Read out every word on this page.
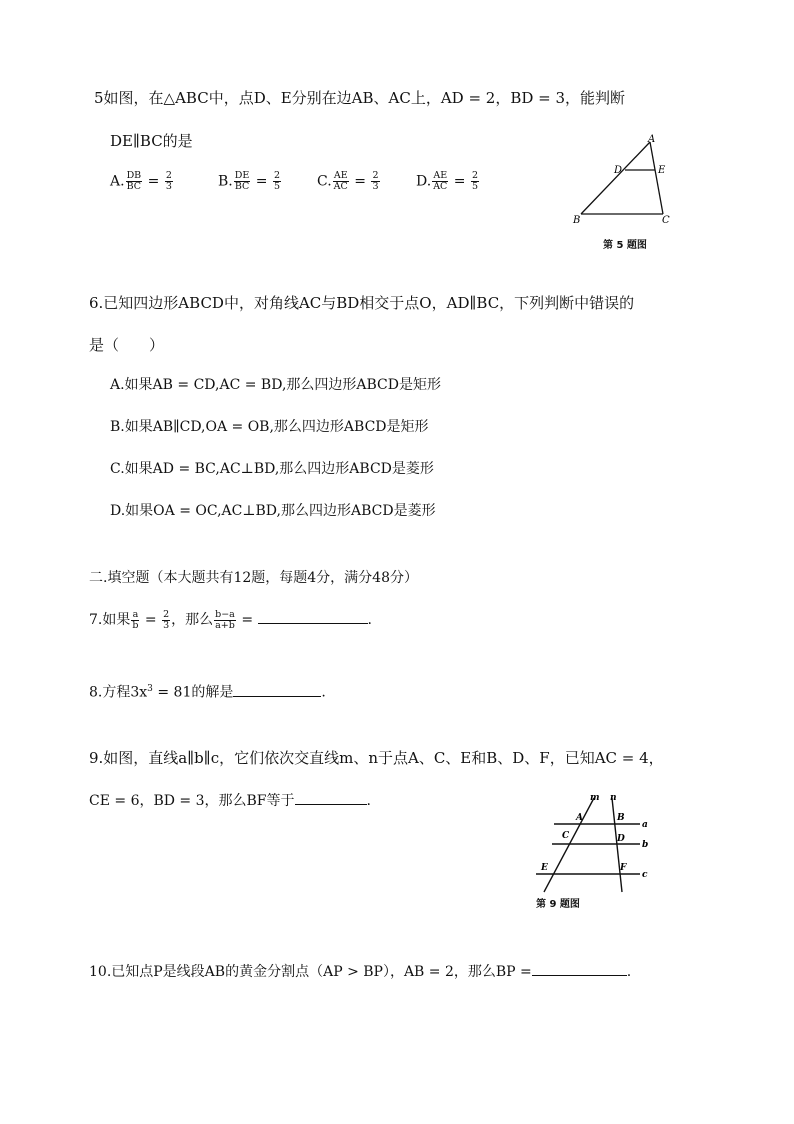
5如图，在△ABC中，点D、E分别在边AB、AC上，AD = 2，BD = 3，能判断
DE∥BC的是
A. $\frac{DB}{BC} = \frac{2}{3}$	B. $\frac{DE}{BC} = \frac{2}{5}$	C. $\frac{AE}{AC} = \frac{2}{3}$	D. $\frac{AE}{AC} = \frac{2}{5}$
A
D	E
B	C
第 5 题图
6.已知四边形ABCD中，对角线AC与BD相交于点O，AD∥BC，下列判断中错误的
是（　　）
A.如果AB = CD,AC = BD,那么四边形ABCD是矩形
B.如果AB∥CD,OA = OB,那么四边形ABCD是矩形
C.如果AD = BC,AC⊥BD,那么四边形ABCD是菱形
D.如果OA = OC,AC⊥BD,那么四边形ABCD是菱形
二.填空题（本大题共有12题，每题4分，满分48分）
7.如果 $\frac{a}{b} = \frac{2}{3}$ ，那么 $\frac{b-a}{a+b}$ =	.
8.方程$3x^3 = 81$的解是	.
9.如图，直线a∥b∥c，它们依次交直线m、n于点A、C、E和B、D、F，已知AC = 4，
CE = 6，BD = 3，那么BF等于	.	m n
A	B
C	D
E	F
a
b
c
第 9 题图
10.已知点P是线段AB的黄金分割点（AP > BP），AB = 2，那么BP =	.
